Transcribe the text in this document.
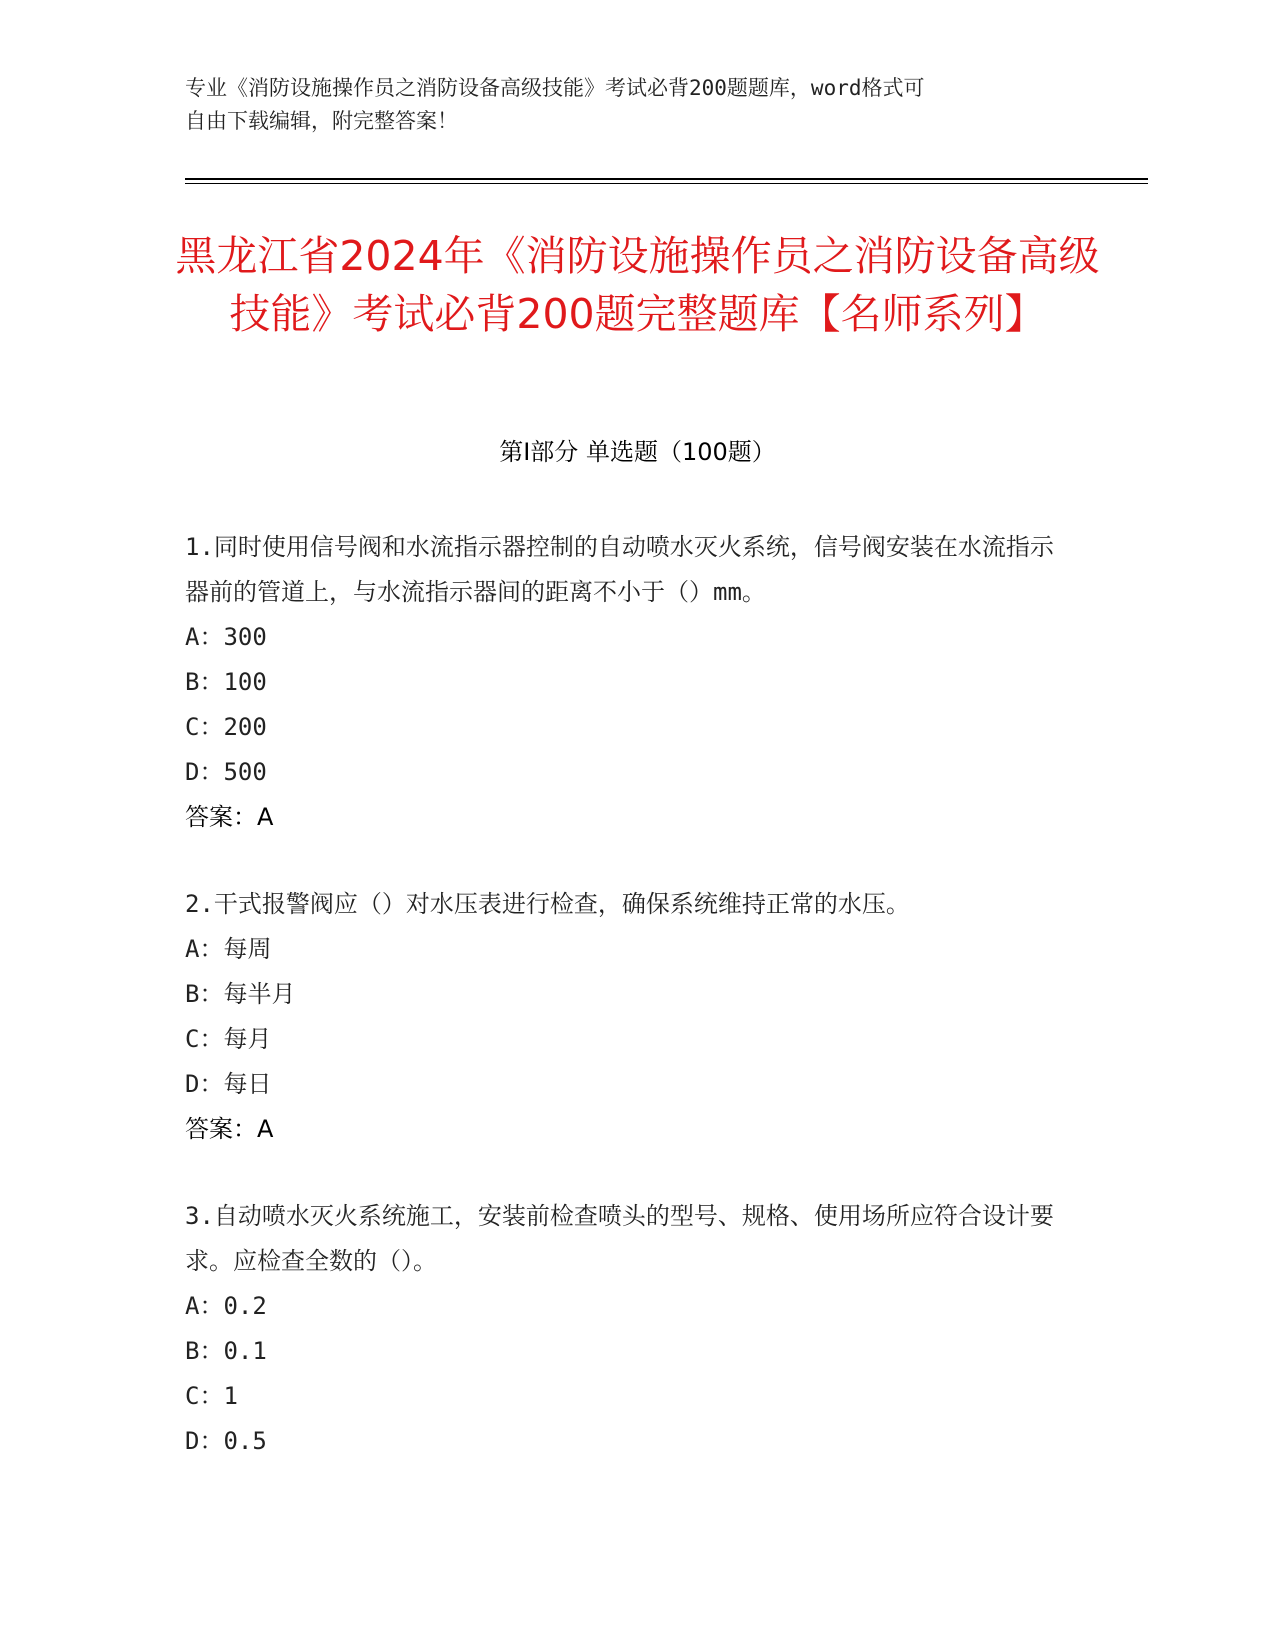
专业《消防设施操作员之消防设备高级技能》考试必背200题题库，word格式可
自由下载编辑，附完整答案！
黑龙江省2024年《消防设施操作员之消防设备高级技能》考试必背200题完整题库【名师系列】
第I部分 单选题（100题）
1.同时使用信号阀和水流指示器控制的自动喷水灭火系统，信号阀安装在水流指示器前的管道上，与水流指示器间的距离不小于（）mm。
A：300
B：100
C：200
D：500
答案：A
2.干式报警阀应（）对水压表进行检查，确保系统维持正常的水压。
A：每周
B：每半月
C：每月
D：每日
答案：A
3.自动喷水灭火系统施工，安装前检查喷头的型号、规格、使用场所应符合设计要求。应检查全数的（）。
A：0.2
B：0.1
C：1
D：0.5
